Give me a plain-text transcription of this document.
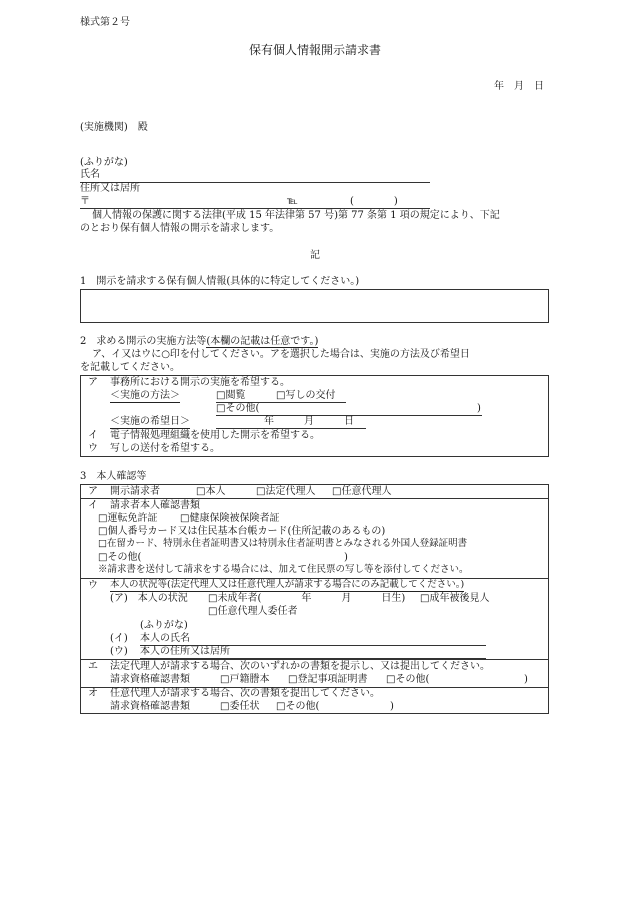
様式第２号
保有個人情報開示請求書
年　月　日
(実施機関)　殿
(ふりがな)
氏名
住所又は居所
〒	℡	(　　　　)
個人情報の保護に関する法律(平成 15 年法律第 57 号)第 77 条第 1 項の規定により、下記
のとおり保有個人情報の開示を請求します。
記
1　開示を請求する保有個人情報(具体的に特定してください。)
2　求める開示の実施方法等(本欄の記載は任意です。)
ア、イ又はウに○印を付してください。アを選択した場合は、実施の方法及び希望日
を記載してください。
ア 事務所における開示の実施を希望する。
＜実施の方法＞	□ 閲覧	□ 写しの交付
□ その他(	)
＜実施の希望日＞	年　　　月　　　日
イ 電子情報処理組織を使用した開示を希望する。
ウ 写しの送付を希望する。
3　本人確認等
ア 開示請求者	□ 本人	□ 法定代理人	□ 任意代理人
イ 請求者本人確認書類
□ 運転免許証	□ 健康保険被保険者証
□ 個人番号カード又は住民基本台帳カード(住所記載のあるもの)
□ 在留カード、特別永住者証明書又は特別永住者証明書とみなされる外国人登録証明書
□ その他(	)
※請求書を送付して請求をする場合には、加えて住民票の写し等を添付してください。
ウ 本人の状況等(法定代理人又は任意代理人が請求する場合にのみ記載してください。)
(ア)　本人の状況	□ 未成年者(　　　　年　　　月　　　日生)	□ 成年被後見人
□ 任意代理人委任者
(ふりがな)
(イ) 本人の氏名
(ウ) 本人の住所又は居所
エ 法定代理人が請求する場合、次のいずれかの書類を提示し、又は提出してください。
請求資格確認書類	□ 戸籍謄本	□ 登記事項証明書	□ その他(	)
オ 任意代理人が請求する場合、次の書類を提出してください。
請求資格確認書類	□ 委任状	□ その他(	)
